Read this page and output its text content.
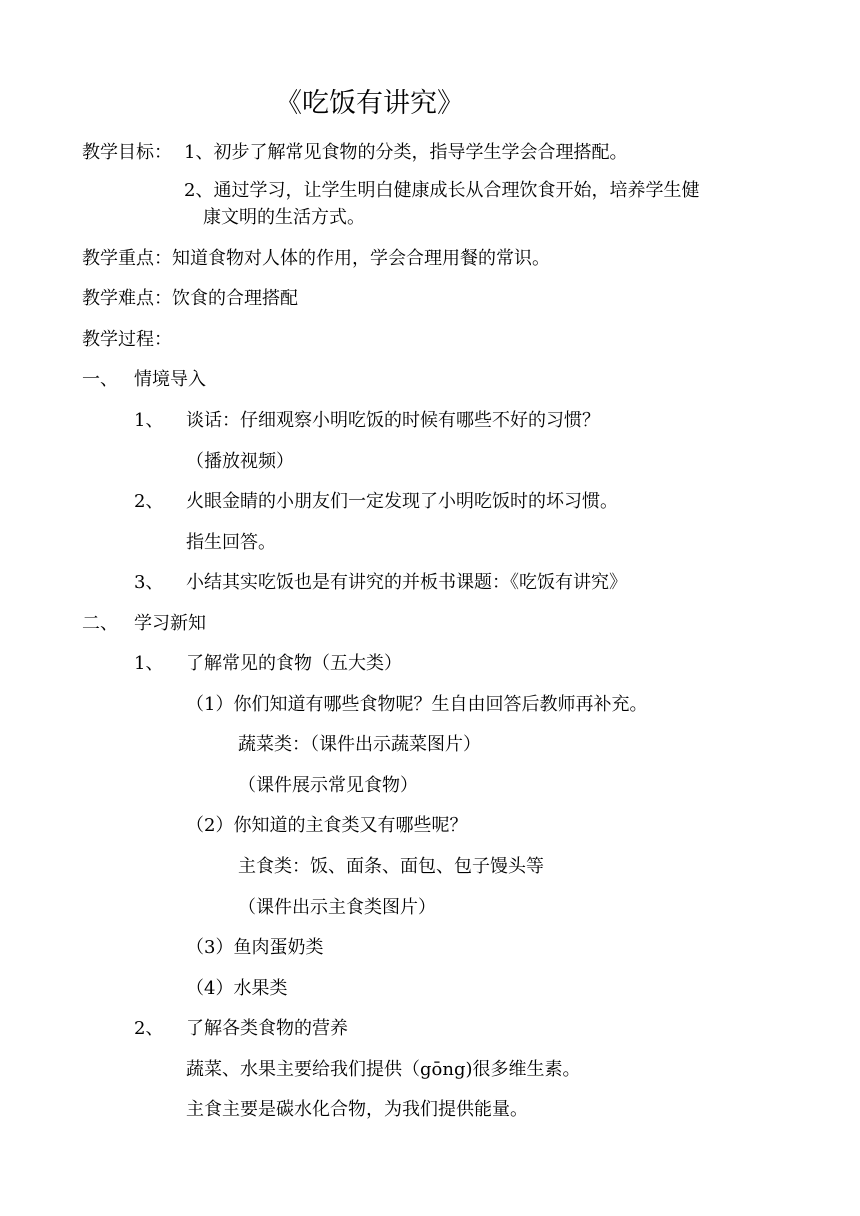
《吃饭有讲究》
教学目标： 1、初步了解常见食物的分类，指导学生学会合理搭配。
2、通过学习，让学生明白健康成长从合理饮食开始，培养学生健
康文明的生活方式。
教学重点：知道食物对人体的作用，学会合理用餐的常识。
教学难点：饮食的合理搭配
教学过程：
一、 情境导入
1、 谈话：仔细观察小明吃饭的时候有哪些不好的习惯？
（播放视频）
2、 火眼金睛的小朋友们一定发现了小明吃饭时的坏习惯。
指生回答。
3、 小结其实吃饭也是有讲究的并板书课题：《吃饭有讲究》
二、 学习新知
1、 了解常见的食物（五大类）
（1）你们知道有哪些食物呢？生自由回答后教师再补充。
蔬菜类：（课件出示蔬菜图片）
（课件展示常见食物）
（2）你知道的主食类又有哪些呢？
主食类：饭、面条、面包、包子馒头等
（课件出示主食类图片）
（3）鱼肉蛋奶类
（4）水果类
2、 了解各类食物的营养
蔬菜、水果主要给我们提供（gōng)很多维生素。
主食主要是碳水化合物，为我们提供能量。
